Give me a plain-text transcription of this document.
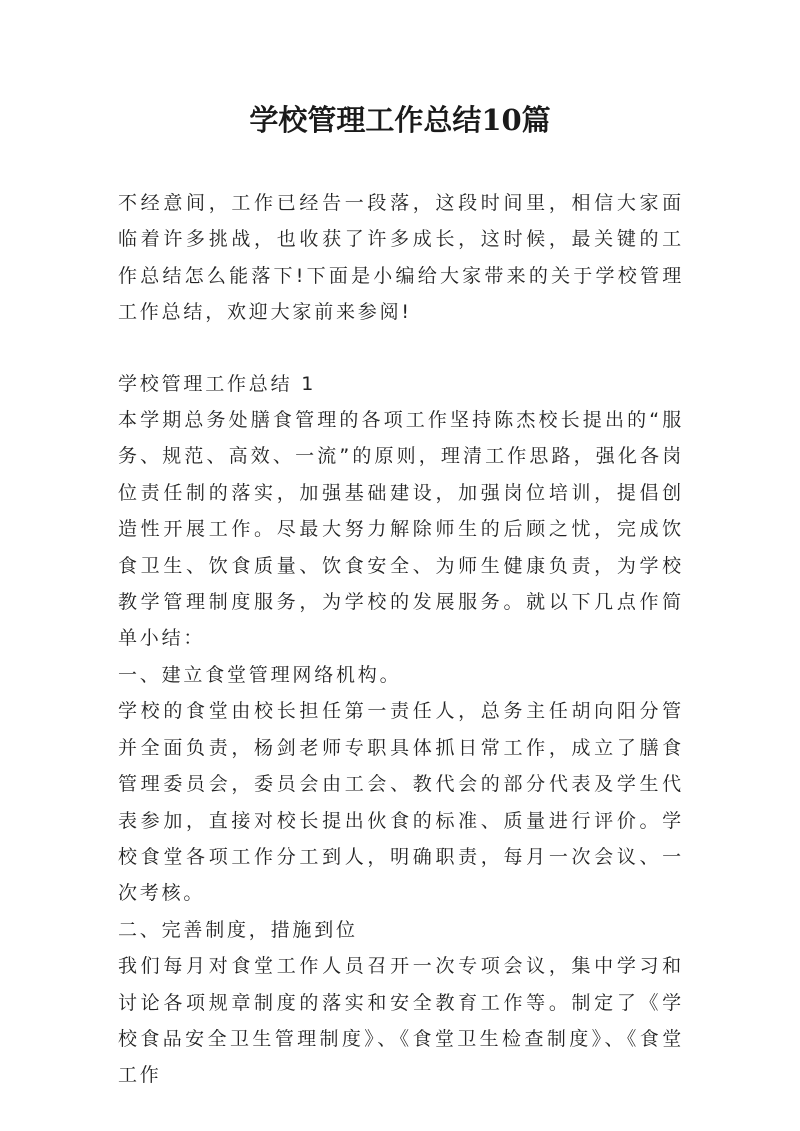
学校管理工作总结10篇

不经意间，工作已经告一段落，这段时间里，相信大家面临着许多挑战，也收获了许多成长，这时候，最关键的工作总结怎么能落下!下面是小编给大家带来的关于学校管理工作总结，欢迎大家前来参阅!

学校管理工作总结 1

本学期总务处膳食管理的各项工作坚持陈杰校长提出的“服务、规范、高效、一流”的原则，理清工作思路，强化各岗位责任制的落实，加强基础建设，加强岗位培训，提倡创造性开展工作。尽最大努力解除师生的后顾之忧，完成饮食卫生、饮食质量、饮食安全、为师生健康负责，为学校教学管理制度服务，为学校的发展服务。就以下几点作简单小结：

一、建立食堂管理网络机构。

学校的食堂由校长担任第一责任人，总务主任胡向阳分管并全面负责，杨剑老师专职具体抓日常工作，成立了膳食管理委员会，委员会由工会、教代会的部分代表及学生代表参加，直接对校长提出伙食的标准、质量进行评价。学校食堂各项工作分工到人，明确职责，每月一次会议、一次考核。

二、完善制度，措施到位

我们每月对食堂工作人员召开一次专项会议，集中学习和讨论各项规章制度的落实和安全教育工作等。制定了《学校食品安全卫生管理制度》、《食堂卫生检查制度》、《食堂工作
